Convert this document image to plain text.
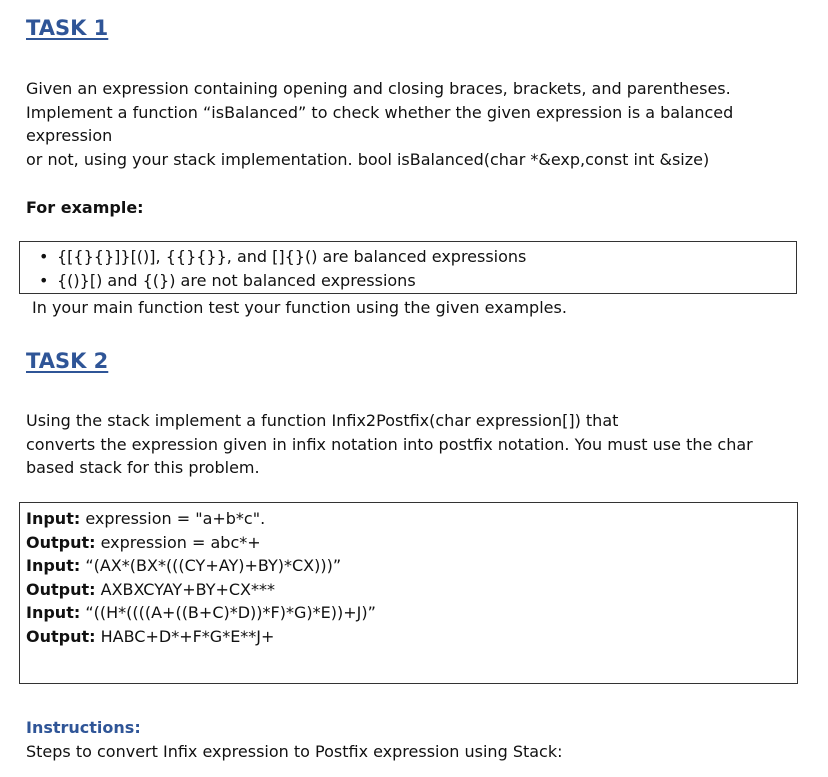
TASK 1
Given an expression containing opening and closing braces, brackets, and parentheses.
Implement a function “isBalanced” to check whether the given expression is a balanced
expression
or not, using your stack implementation. bool isBalanced(char *&exp,const int &size)
For example:
• {[{}{}]}[()], {{}{}}, and []{}() are balanced expressions
• {()}[) and {(}) are not balanced expressions
In your main function test your function using the given examples.
TASK 2
Using the stack implement a function Infix2Postfix(char expression[]) that
converts the expression given in infix notation into postfix notation. You must use the char
based stack for this problem.
Input: expression = "a+b*c".
Output: expression = abc*+
Input: “(AX*(BX*(((CY+AY)+BY)*CX)))”
Output: AXBXCYAY+BY+CX***
Input: “((H*((((A+((B+C)*D))*F)*G)*E))+J)”
Output: HABC+D*+F*G*E**J+
Instructions:
Steps to convert Infix expression to Postfix expression using Stack:
